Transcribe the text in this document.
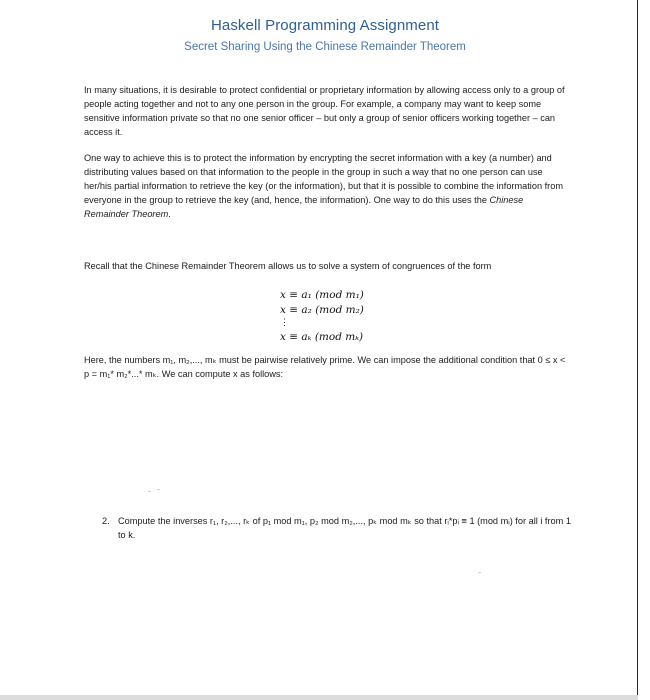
Haskell Programming Assignment
Secret Sharing Using the Chinese Remainder Theorem

In many situations, it is desirable to protect confidential or proprietary information by allowing access only to a group of people acting together and not to any one person in the group. For example, a company may want to keep some sensitive information private so that no one senior officer – but only a group of senior officers working together – can access it.

One way to achieve this is to protect the information by encrypting the secret information with a key (a number) and distributing values based on that information to the people in the group in such a way that no one person can use her/his partial information to retrieve the key (or the information), but that it is possible to combine the information from everyone in the group to retrieve the key (and, hence, the information). One way to do this uses the Chinese Remainder Theorem.

Recall that the Chinese Remainder Theorem allows us to solve a system of congruences of the form

x ≡ a₁ (mod m₁)
x ≡ a₂ (mod m₂)
⋮
x ≡ aₖ (mod mₖ)

Here, the numbers m₁, m₂,..., mₖ must be pairwise relatively prime. We can impose the additional condition that 0 ≤ x < p = m₁* m₂*...* mₖ. We can compute x as follows:

2. Compute the inverses r₁, r₂,..., rₖ of p₁ mod m₁, p₂ mod m₂,..., pₖ mod mₖ so that rᵢ*pᵢ ≡ 1 (mod mᵢ) for all i from 1 to k.
